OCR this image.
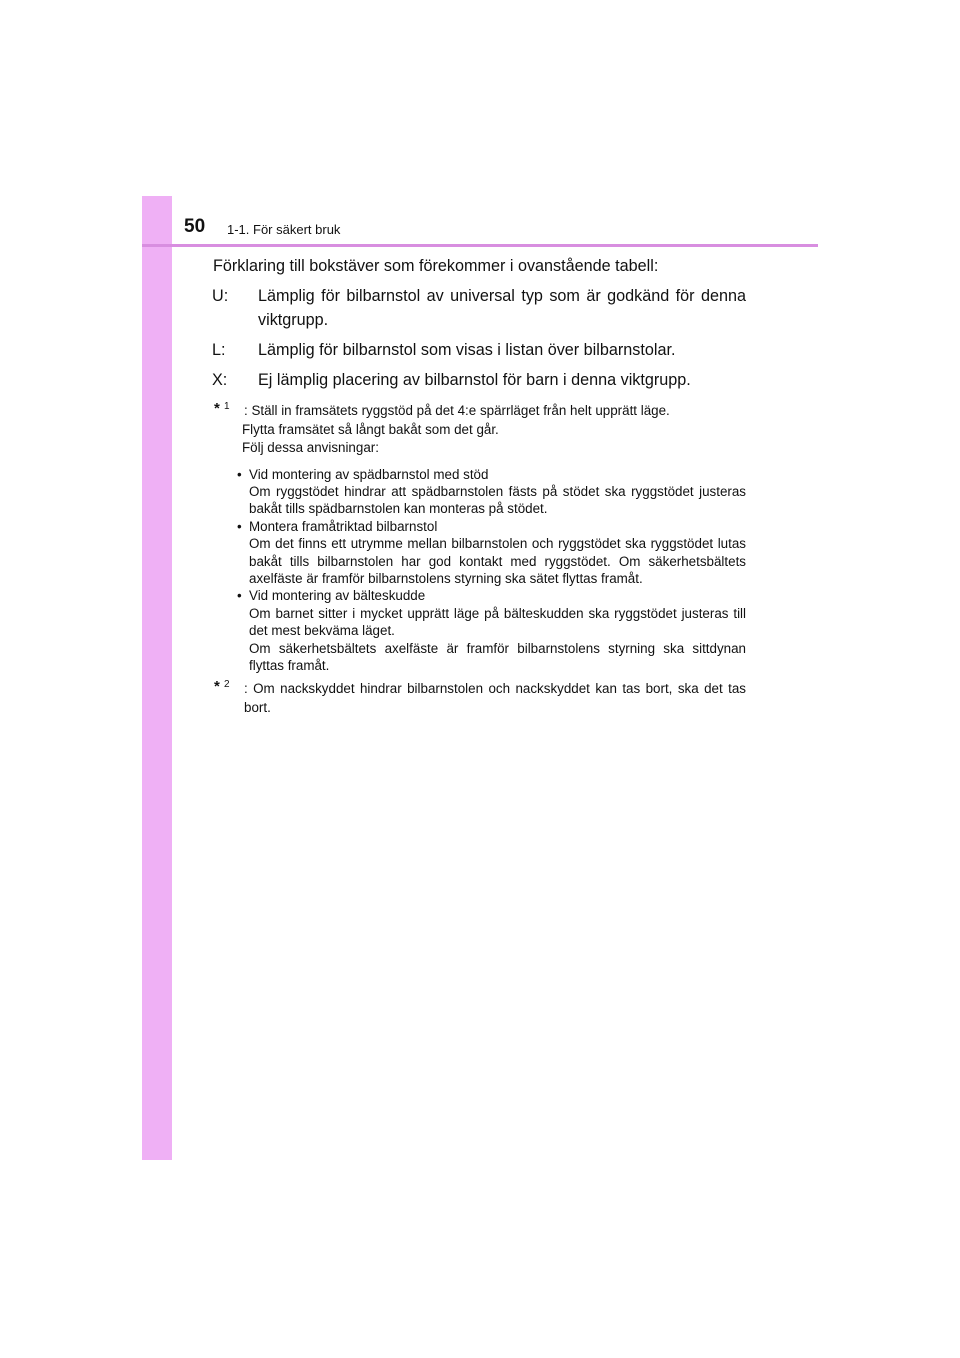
50 1-1. För säkert bruk
Förklaring till bokstäver som förekommer i ovanstående tabell:
U: Lämplig för bilbarnstol av universal typ som är godkänd för denna viktgrupp.
L: Lämplig för bilbarnstol som visas i listan över bilbarnstolar.
X: Ej lämplig placering av bilbarnstol för barn i denna viktgrupp.
* 1	: Ställ in framsätets ryggstöd på det 4:e spärrläget från helt upprätt läge.
Flytta framsätet så långt bakåt som det går.
Följ dessa anvisningar:
• Vid montering av spädbarnstol med stöd
Om ryggstödet hindrar att spädbarnstolen fästs på stödet ska ryggstödet justeras bakåt tills spädbarnstolen kan monteras på stödet.
• Montera framåtriktad bilbarnstol
Om det finns ett utrymme mellan bilbarnstolen och ryggstödet ska ryggstödet lutas bakåt tills bilbarnstolen har god kontakt med ryggstödet. Om säkerhetsbältets axelfäste är framför bilbarnstolens styrning ska sätet flyttas framåt.
• Vid montering av bälteskudde
Om barnet sitter i mycket upprätt läge på bälteskudden ska ryggstödet justeras till det mest bekväma läget.
Om säkerhetsbältets axelfäste är framför bilbarnstolens styrning ska sittdynan flyttas framåt.
* 2	: Om nackskyddet hindrar bilbarnstolen och nackskyddet kan tas bort, ska det tas bort.
